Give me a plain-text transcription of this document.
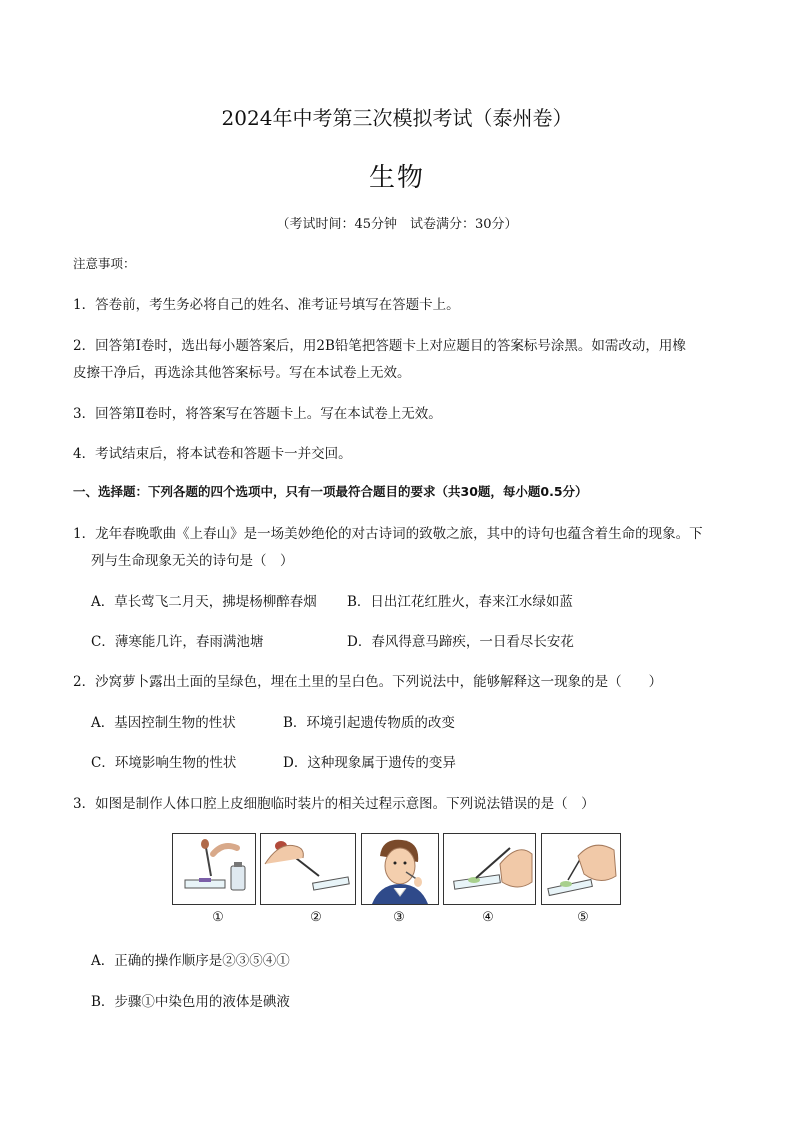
2024年中考第三次模拟考试（泰州卷）
生物
（考试时间：45分钟　试卷满分：30分）
注意事项：
1．答卷前，考生务必将自己的姓名、准考证号填写在答题卡上。
2．回答第Ⅰ卷时，选出每小题答案后，用2B铅笔把答题卡上对应题目的答案标号涂黑。如需改动，用橡
皮擦干净后，再选涂其他答案标号。写在本试卷上无效。
3．回答第Ⅱ卷时，将答案写在答题卡上。写在本试卷上无效。
4．考试结束后，将本试卷和答题卡一并交回。
一、选择题：下列各题的四个选项中，只有一项最符合题目的要求（共30题，每小题0.5分）
1．龙年春晚歌曲《上春山》是一场美妙绝伦的对古诗词的致敬之旅，其中的诗句也蕴含着生命的现象。下
列与生命现象无关的诗句是（　）
A．草长莺飞二月天，拂堤杨柳醉春烟 B．日出江花红胜火，春来江水绿如蓝
C．薄寒能几许，春雨满池塘	D．春风得意马蹄疾，一日看尽长安花
2．沙窝萝卜露出土面的呈绿色，埋在土里的呈白色。下列说法中，能够解释这一现象的是（　　）
A．基因控制生物的性状	B．环境引起遗传物质的改变
C．环境影响生物的性状	D．这种现象属于遗传的变异
3．如图是制作人体口腔上皮细胞临时装片的相关过程示意图。下列说法错误的是（　）
①	②	③	④	⑤
A．正确的操作顺序是②③⑤④①
B．步骤①中染色用的液体是碘液
